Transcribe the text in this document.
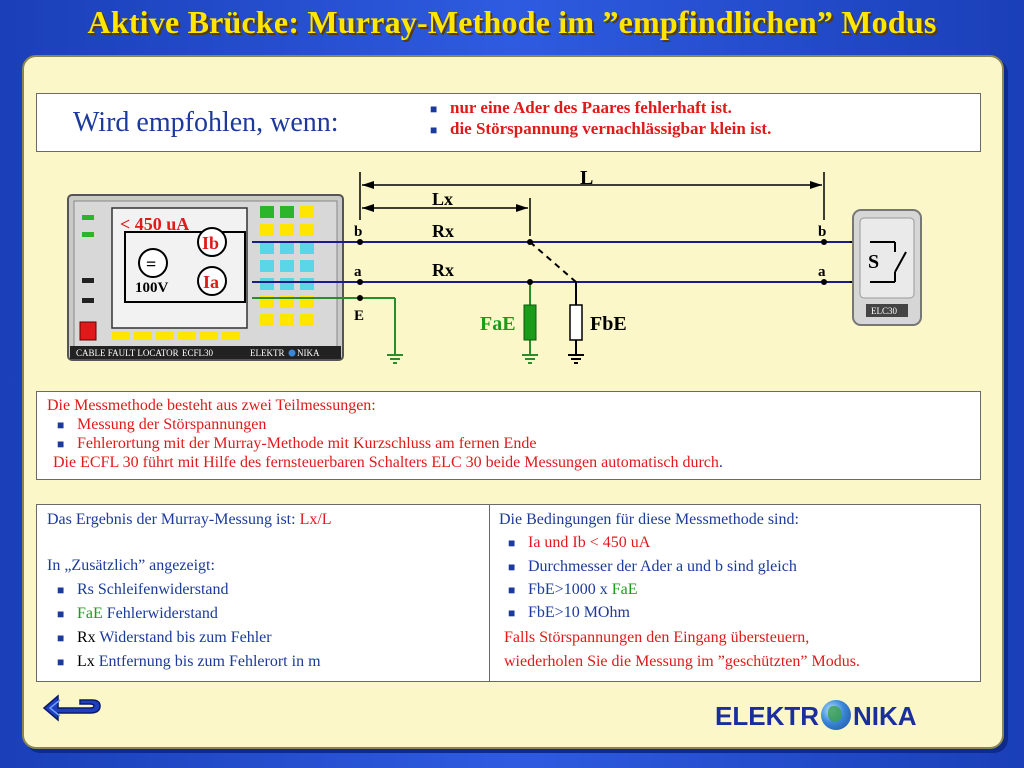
Aktive Brücke: Murray-Methode im ”empfindlichen” Modus
Wird empfohlen, wenn:	■ nur eine Ader des Paares fehlerhaft ist.
■ die Störspannung vernachlässigbar klein ist.
< 450 uA
=
Ib
Ia
100V
CABLE FAULT LOCATOR ECFL30	ELEKTR NIKA
L
Lx
FaE	FbE
b
a
E
b
a
Rx
Rx	S
ELC30
Die Messmethode besteht aus zwei Teilmessungen:
■ Messung der Störspannungen
■ Fehlerortung mit der Murray-Methode mit Kurzschluss am fernen Ende
Die ECFL 30 führt mit Hilfe des fernsteuerbaren Schalters ELC 30 beide Messungen automatisch durch.
Das Ergebnis der Murray-Messung ist: Lx/L
In „Zusätzlich” angezeigt:
■ Rs Schleifenwiderstand
■ FaE Fehlerwiderstand
■ Rx Widerstand bis zum Fehler
■ Lx Entfernung bis zum Fehlerort in m
Die Bedingungen für diese Messmethode sind:
■ Ia und Ib < 450 uA
■ Durchmesser der Ader a und b sind gleich
■ FbE>1000 x FaE
■ FbE>10 MOhm
Falls Störspannungen den Eingang übersteuern,
wiederholen Sie die Messung im ”geschützten” Modus.
ELEKTR NIKA
